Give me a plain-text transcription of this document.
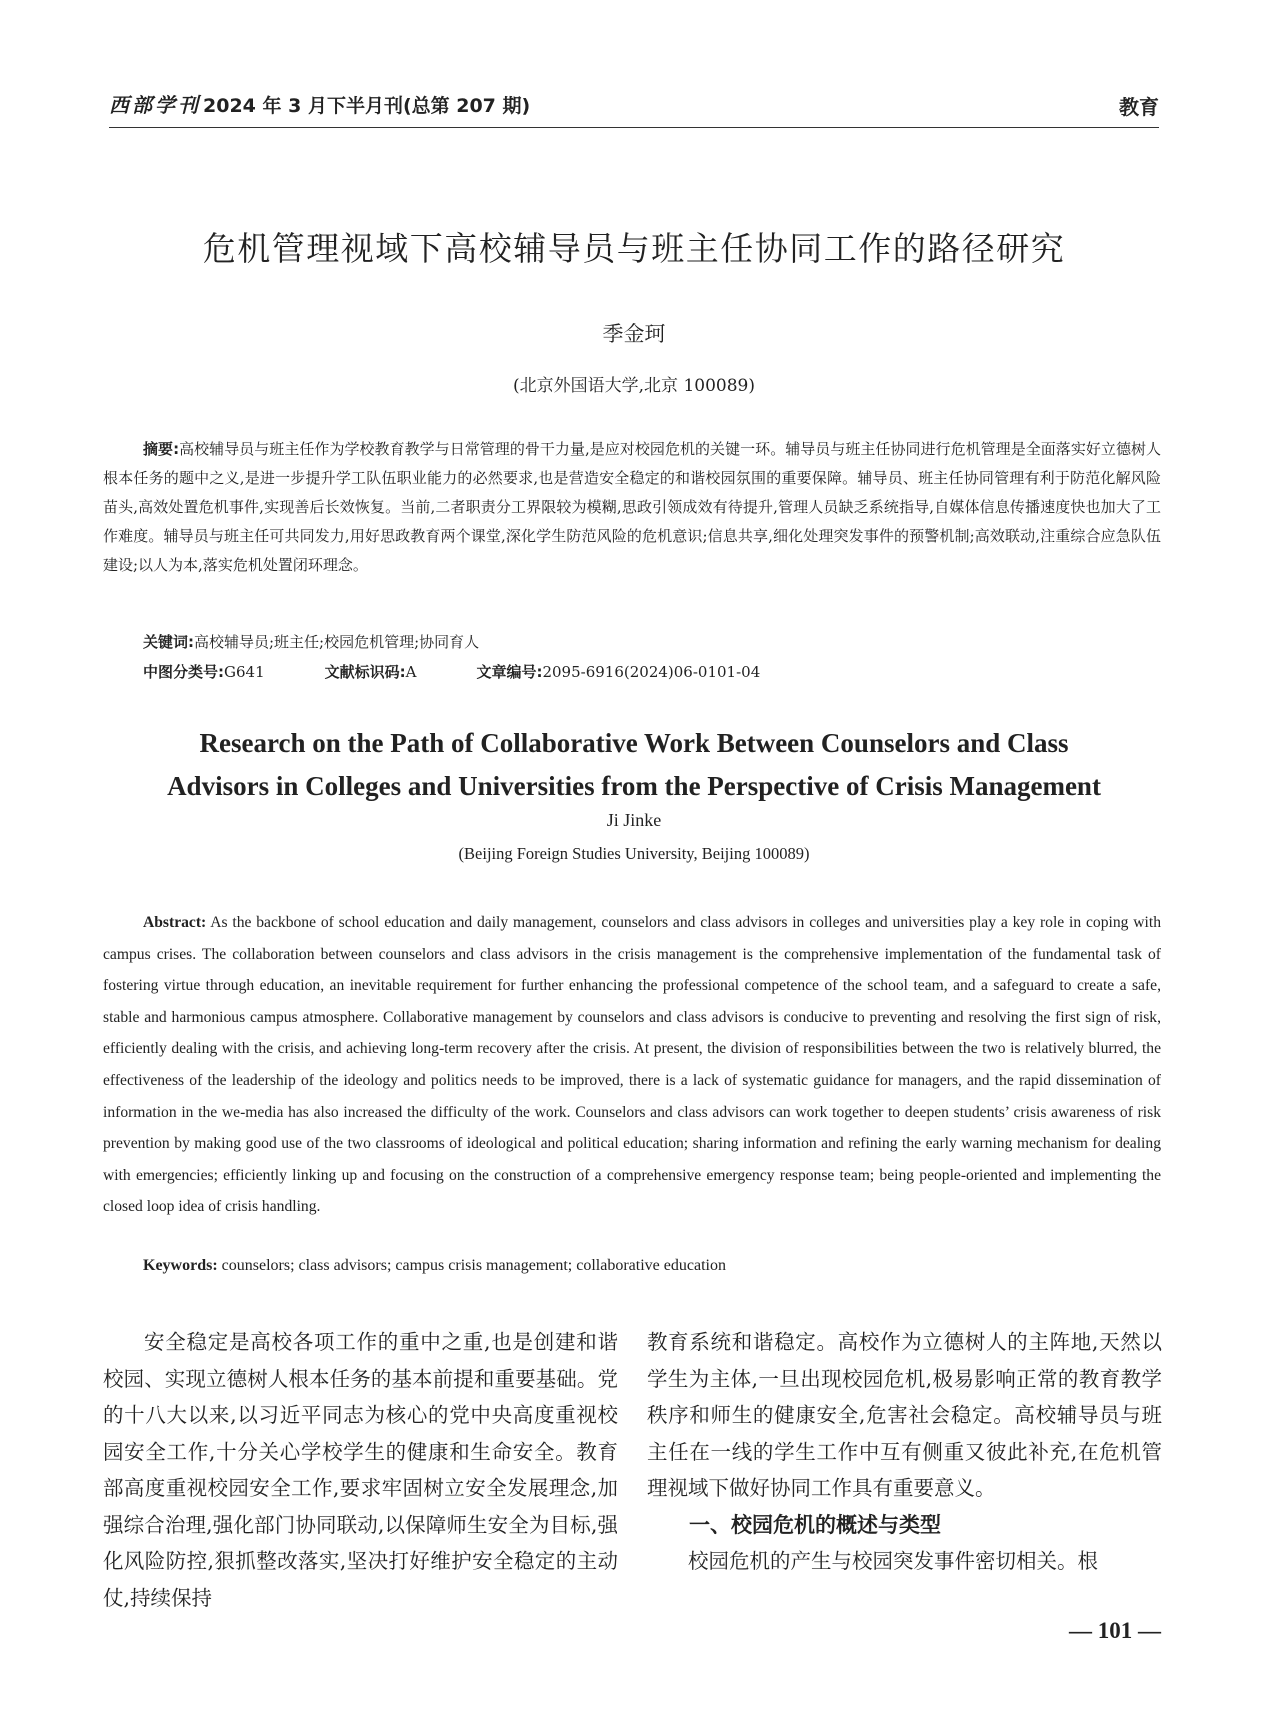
西部学刊 2024 年 3 月下半月刊(总第 207 期)	教育
危机管理视域下高校辅导员与班主任协同工作的路径研究
季金珂
(北京外国语大学,北京 100089)
摘要:高校辅导员与班主任作为学校教育教学与日常管理的骨干力量,是应对校园危机的关键一环。辅导员与班主任协同进行危机管理是全面落实好立德树人根本任务的题中之义,是进一步提升学工队伍职业能力的必然要求,也是营造安全稳定的和谐校园氛围的重要保障。辅导员、班主任协同管理有利于防范化解风险苗头,高效处置危机事件,实现善后长效恢复。当前,二者职责分工界限较为模糊,思政引领成效有待提升,管理人员缺乏系统指导,自媒体信息传播速度快也加大了工作难度。辅导员与班主任可共同发力,用好思政教育两个课堂,深化学生防范风险的危机意识;信息共享,细化处理突发事件的预警机制;高效联动,注重综合应急队伍建设;以人为本,落实危机处置闭环理念。
关键词:高校辅导员;班主任;校园危机管理;协同育人
中图分类号:G641	文献标识码:A	文章编号:2095-6916(2024)06-0101-04
Research on the Path of Collaborative Work Between Counselors and Class
Advisors in Colleges and Universities from the Perspective of Crisis Management
Ji Jinke
(Beijing Foreign Studies University, Beijing 100089)
Abstract: As the backbone of school education and daily management, counselors and class advisors in colleges and universities play a key role in coping with campus crises. The collaboration between counselors and class advisors in the crisis management is the comprehensive implementation of the fundamental task of fostering virtue through education, an inevitable requirement for further enhancing the professional competence of the school team, and a safeguard to create a safe, stable and harmonious campus atmosphere. Collaborative management by counselors and class advisors is conducive to preventing and resolving the first sign of risk, efficiently dealing with the crisis, and achieving long-term recovery after the crisis. At present, the division of responsibilities between the two is relatively blurred, the effectiveness of the leadership of the ideology and politics needs to be improved, there is a lack of systematic guidance for managers, and the rapid dissemination of information in the we-media has also increased the difficulty of the work. Counselors and class advisors can work together to deepen students’ crisis awareness of risk prevention by making good use of the two classrooms of ideological and political education; sharing information and refining the early warning mechanism for dealing with emergencies; efficiently linking up and focusing on the construction of a comprehensive emergency response team; being people-oriented and implementing the closed loop idea of crisis handling.
Keywords: counselors; class advisors; campus crisis management; collaborative education

安全稳定是高校各项工作的重中之重,也是创建和谐校园、实现立德树人根本任务的基本前提和重要基础。党的十八大以来,以习近平同志为核心的党中央高度重视校园安全工作,十分关心学校学生的健康和生命安全。教育部高度重视校园安全工作,要求牢固树立安全发展理念,加强综合治理,强化部门协同联动,以保障师生安全为目标,强化风险防控,狠抓整改落实,坚决打好维护安全稳定的主动仗,持续保持

教育系统和谐稳定。高校作为立德树人的主阵地,天然以学生为主体,一旦出现校园危机,极易影响正常的教育教学秩序和师生的健康安全,危害社会稳定。高校辅导员与班主任在一线的学生工作中互有侧重又彼此补充,在危机管理视域下做好协同工作具有重要意义。

一、校园危机的概述与类型

校园危机的产生与校园突发事件密切相关。根

— 101 —
